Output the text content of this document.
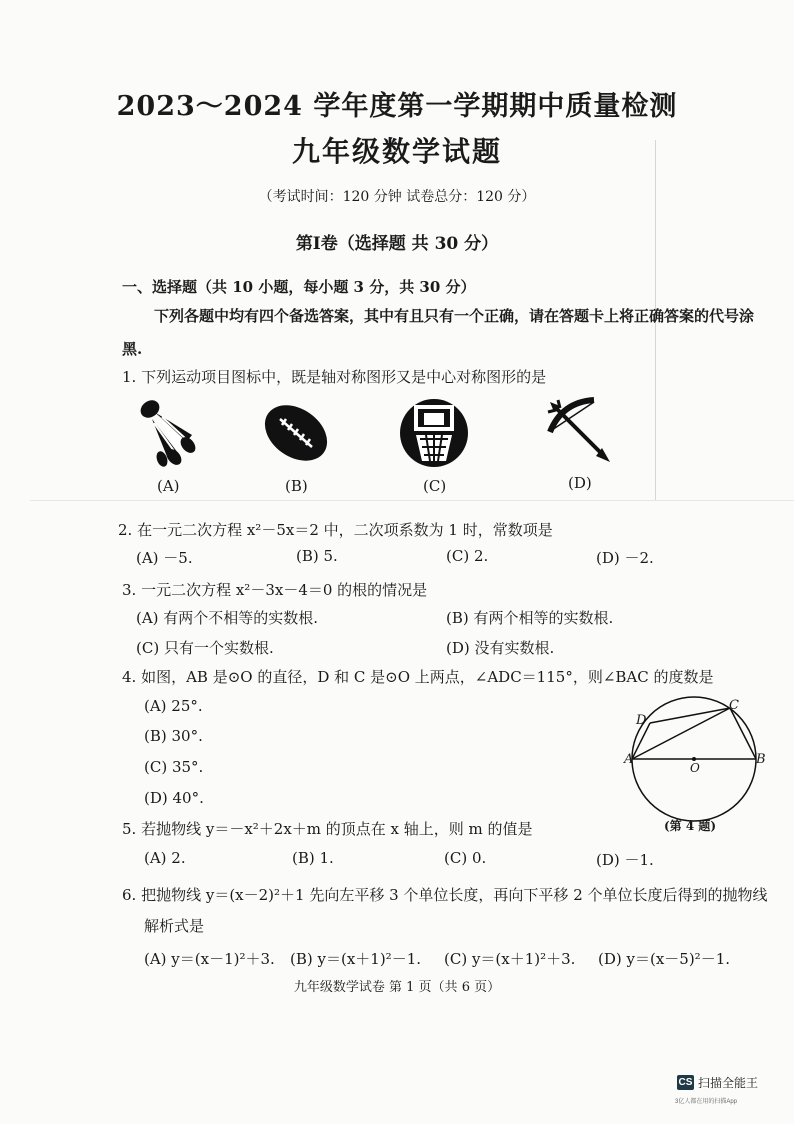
2023～2024 学年度第一学期期中质量检测
九年级数学试题
（考试时间：120 分钟 试卷总分：120 分）
第Ⅰ卷（选择题 共 30 分）
一、选择题（共 10 小题，每小题 3 分，共 30 分）
下列各题中均有四个备选答案，其中有且只有一个正确，请在答题卡上将正确答案的代号涂
黑.
1. 下列运动项目图标中，既是轴对称图形又是中心对称图形的是
(A)	(B)	(C)	(D)
2. 在一元二次方程 x²－5x＝2 中，二次项系数为 1 时，常数项是
(A) －5.	(B) 5.	(C) 2.	(D) －2.
3. 一元二次方程 x²－3x－4＝0 的根的情况是
(A) 有两个不相等的实数根.	(B) 有两个相等的实数根.
(C) 只有一个实数根.	(D) 没有实数根.
4. 如图，AB 是⊙O 的直径，D 和 C 是⊙O 上两点，∠ADC＝115°，则∠BAC 的度数是
(A) 25°.
(B) 30°.
(C) 35°.
(D) 40°.
A	B
C
D
O
(第 4 题)
5. 若抛物线 y＝－x²＋2x＋m 的顶点在 x 轴上，则 m 的值是
(A) 2.	(B) 1.	(C) 0.	(D) －1.
6. 把抛物线 y＝(x－2)²＋1 先向左平移 3 个单位长度，再向下平移 2 个单位长度后得到的抛物线
解析式是
(A) y＝(x－1)²＋3. (B) y＝(x＋1)²－1. (C) y＝(x＋1)²＋3. (D) y＝(x－5)²－1.
九年级数学试卷 第 1 页（共 6 页）
CS 扫描全能王
3亿人都在用的扫描App
